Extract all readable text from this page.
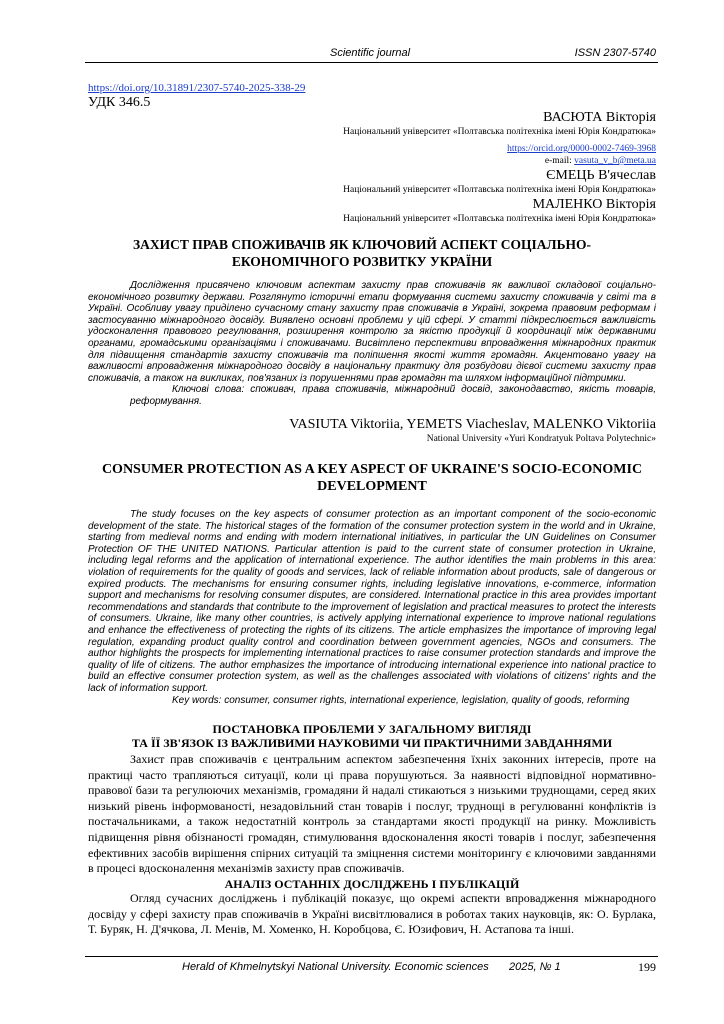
Scientific journal	ISSN 2307-5740
https://doi.org/10.31891/2307-5740-2025-338-29
УДК 346.5
ВАСЮТА Вікторія
Національний університет «Полтавська політехніка імені Юрія Кондратюка»
https://orcid.org/0000-0002-7469-3968
e-mail: vasuta_v_b@meta.ua
ЄМЕЦЬ В'ячеслав
Національний університет «Полтавська політехніка імені Юрія Кондратюка»
МАЛЕНКО Вікторія
Національний університет «Полтавська політехніка імені Юрія Кондратюка»
ЗАХИСТ ПРАВ СПОЖИВАЧІВ ЯК КЛЮЧОВИЙ АСПЕКТ СОЦІАЛЬНО-ЕКОНОМІЧНОГО РОЗВИТКУ УКРАЇНИ

Дослідження присвячено ключовим аспектам захисту прав споживачів як важливої складової соціально-економічного розвитку держави. Розглянуто історичні етапи формування системи захисту споживачів у світі та в Україні. Особливу увагу приділено сучасному стану захисту прав споживачів в Україні, зокрема правовим реформам і застосуванню міжнародного досвіду. Виявлено основні проблеми у цій сфері. У статті підкреслюється важливість удосконалення правового регулювання, розширення контролю за якістю продукції й координації між державними органами, громадськими організаціями і споживачами. Висвітлено перспективи впровадження міжнародних практик для підвищення стандартів захисту споживачів та поліпшення якості життя громадян. Акцентовано увагу на важливості впровадження міжнародного досвіду в національну практику для розбудови дієвої системи захисту прав споживачів, а також на викликах, пов'язаних із порушеннями прав громадян та шляхом інформаційної підтримки.

Ключові слова: споживач, права споживачів, міжнародний досвід, законодавство, якість товарів, реформування.

VASIUTA Viktoriia, YEMETS Viacheslav, MALENKO Viktoriia
National University «Yuri Kondratyuk Poltava Polytechnic»
CONSUMER PROTECTION AS A KEY ASPECT OF UKRAINE'S SOCIO-ECONOMIC DEVELOPMENT

The study focuses on the key aspects of consumer protection as an important component of the socio-economic development of the state. The historical stages of the formation of the consumer protection system in the world and in Ukraine, starting from medieval norms and ending with modern international initiatives, in particular the UN Guidelines on Consumer Protection OF THE UNITED NATIONS. Particular attention is paid to the current state of consumer protection in Ukraine, including legal reforms and the application of international experience. The author identifies the main problems in this area: violation of requirements for the quality of goods and services, lack of reliable information about products, sale of dangerous or expired products. The mechanisms for ensuring consumer rights, including legislative innovations, e-commerce, information support and mechanisms for resolving consumer disputes, are considered. International practice in this area provides important recommendations and standards that contribute to the improvement of legislation and practical measures to protect the interests of consumers. Ukraine, like many other countries, is actively applying international experience to improve national regulations and enhance the effectiveness of protecting the rights of its citizens. The article emphasizes the importance of improving legal regulation, expanding product quality control and coordination between government agencies, NGOs and consumers. The author highlights the prospects for implementing international practices to raise consumer protection standards and improve the quality of life of citizens. The author emphasizes the importance of introducing international experience into national practice to build an effective consumer protection system, as well as the challenges associated with violations of citizens' rights and the lack of information support.

Key words: consumer, consumer rights, international experience, legislation, quality of goods, reforming

ПОСТАНОВКА ПРОБЛЕМИ У ЗАГАЛЬНОМУ ВИГЛЯДІ
ТА ЇЇ ЗВ'ЯЗОК ІЗ ВАЖЛИВИМИ НАУКОВИМИ ЧИ ПРАКТИЧНИМИ ЗАВДАННЯМИ

Захист прав споживачів є центральним аспектом забезпечення їхніх законних інтересів, проте на практиці часто трапляються ситуації, коли ці права порушуються. За наявності відповідної нормативно-правової бази та регулюючих механізмів, громадяни й надалі стикаються з низькими труднощами, серед яких низький рівень інформованості, незадовільний стан товарів і послуг, труднощі в регулюванні конфліктів із постачальниками, а також недостатній контроль за стандартами якості продукції на ринку. Можливість підвищення рівня обізнаності громадян, стимулювання вдосконалення якості товарів і послуг, забезпечення ефективних засобів вирішення спірних ситуацій та зміцнення системи моніторингу є ключовими завданнями в процесі вдосконалення механізмів захисту прав споживачів.

АНАЛІЗ ОСТАННІХ ДОСЛІДЖЕНЬ І ПУБЛІКАЦІЙ

Огляд сучасних досліджень і публікацій показує, що окремі аспекти впровадження міжнародного досвіду у сфері захисту прав споживачів в Україні висвітлювалися в роботах таких науковців, як: О. Бурлака, Т. Буряк, Н. Д'ячкова, Л. Менів, М. Хоменко, Н. Коробцова, Є. Юзифович, Н. Астапова та інші.

Herald of Khmelnytskyi National University. Economic sciences 2025, № 1	199
